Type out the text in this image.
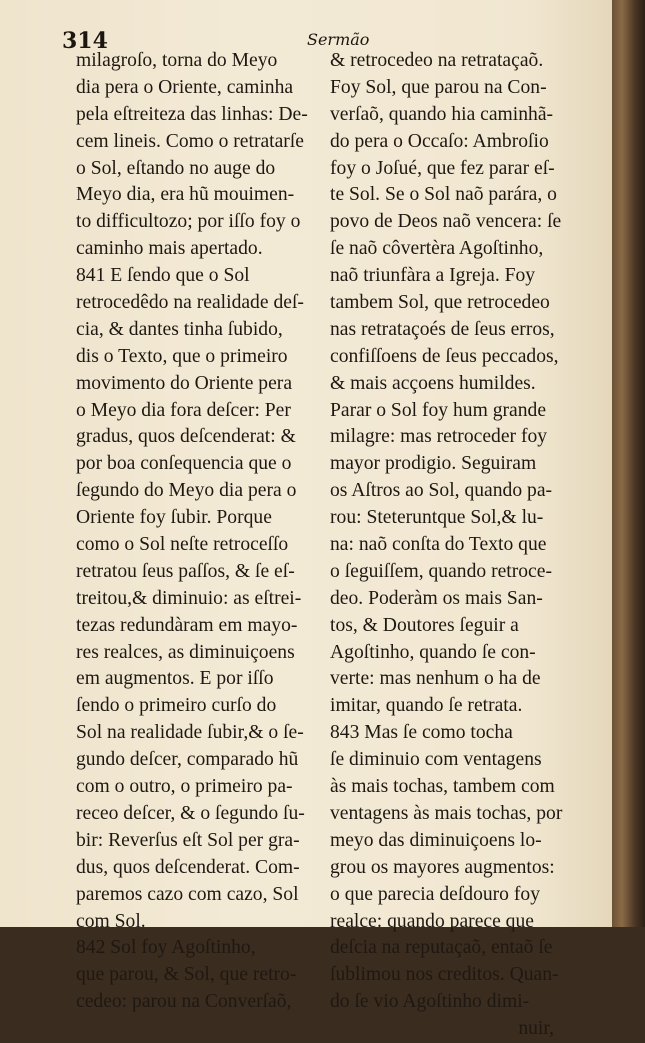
314	Sermão
milagroſo, torna do Meyo
dia pera o Oriente, caminha
pela eſtreiteza das linhas: De-
cem lineis. Como o retratarſe
o Sol, eſtando no auge do
Meyo dia, era hũ mouimen-
to difficultozo; por iſſo foy o
caminho mais apertado.
841 E ſendo que o Sol
retrocedêdo na realidade deſ-
cia, & dantes tinha ſubido,
dis o Texto, que o primeiro
movimento do Oriente pera
o Meyo dia fora deſcer: Per
gradus, quos deſcenderat: &
por boa conſequencia que o
ſegundo do Meyo dia pera o
Oriente foy ſubir. Porque
como o Sol neſte retroceſſo
retratou ſeus paſſos, & ſe eſ-
treitou,& diminuio: as eſtrei-
tezas redundàram em mayo-
res realces, as diminuiçoens
em augmentos. E por iſſo
ſendo o primeiro curſo do
Sol na realidade ſubir,& o ſe-
gundo deſcer, comparado hũ
com o outro, o primeiro pa-
receo deſcer, & o ſegundo ſu-
bir: Reverſus eſt Sol per gra-
dus, quos deſcenderat. Com-
paremos cazo com cazo, Sol
com Sol.
842 Sol foy Agoſtinho,
que parou, & Sol, que retro-
cedeo: parou na Converſaõ,
& retrocedeo na retrataçaõ.
Foy Sol, que parou na Con-
verſaõ, quando hia caminhã-
do pera o Occaſo: Ambroſio
foy o Joſué, que fez parar eſ-
te Sol. Se o Sol naõ parára, o
povo de Deos naõ vencera: ſe
ſe naõ côvertèra Agoſtinho,
naõ triunfàra a Igreja. Foy
tambem Sol, que retrocedeo
nas retrataçoés de ſeus erros,
confiſſoens de ſeus peccados,
& mais acçoens humildes.
Parar o Sol foy hum grande
milagre: mas retroceder foy
mayor prodigio. Seguiram
os Aſtros ao Sol, quando pa-
rou: Steteruntque Sol,& lu-
na: naõ conſta do Texto que
o ſeguiſſem, quando retroce-
deo. Poderàm os mais San-
tos, & Doutores ſeguir a
Agoſtinho, quando ſe con-
verte: mas nenhum o ha de
imitar, quando ſe retrata.
843 Mas ſe como tocha
ſe diminuio com ventagens
às mais tochas, tambem com
ventagens às mais tochas, por
meyo das diminuiçoens lo-
grou os mayores augmentos:
o que parecia deſdouro foy
realce: quando parece que
deſcia na reputaçaõ, entaõ ſe
ſublimou nos creditos. Quan-
do ſe vio Agoſtinho dimi-
nuir,
